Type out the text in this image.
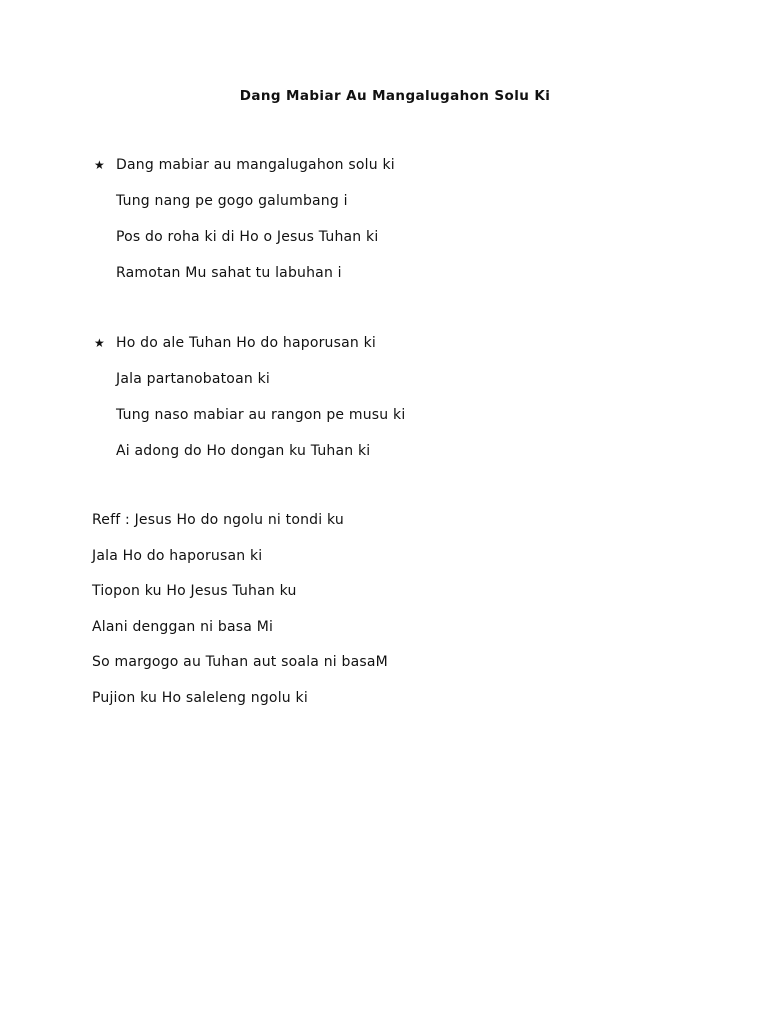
Dang Mabiar Au Mangalugahon Solu Ki
★ Dang mabiar au mangalugahon solu ki
Tung nang pe gogo galumbang i
Pos do roha ki di Ho o Jesus Tuhan ki
Ramotan Mu sahat tu labuhan i
★ Ho do ale Tuhan Ho do haporusan ki
Jala partanobatoan ki
Tung naso mabiar au rangon pe musu ki
Ai adong do Ho dongan ku Tuhan ki
Reff : Jesus Ho do ngolu ni tondi ku
Jala Ho do haporusan ki
Tiopon ku Ho Jesus Tuhan ku
Alani denggan ni basa Mi
So margogo au Tuhan aut soala ni basaM
Pujion ku Ho saleleng ngolu ki
